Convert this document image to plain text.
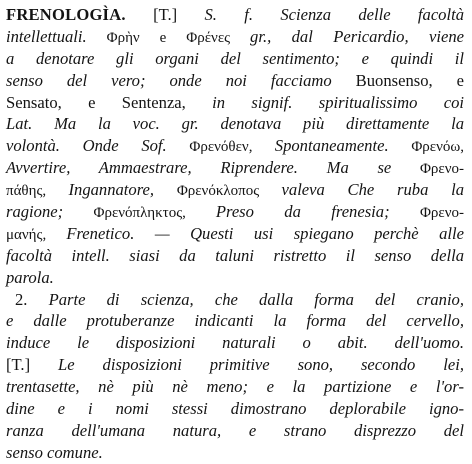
FRENOLOGÌA. [T.] S. f. Scienza delle facoltà
intellettuali. Φρὴν e Φρένες gr., dal Pericardio, viene
a denotare gli organi del sentimento; e quindi il
senso del vero; onde noi facciamo Buonsenso, e
Sensato, e Sentenza, in signif. spiritualissimo coi
Lat. Ma la voc. gr. denotava più direttamente la
volontà. Onde Sof. Φρενόθεν, Spontaneamente. Φρενόω,
Avvertire, Ammaestrare, Riprendere. Ma se Φρενο-
πάθης, Ingannatore, Φρενόκλοπος valeva Che ruba la
ragione; Φρενόπληκτος, Preso da frenesia; Φρενο-
μανής, Frenetico. — Questi usi spiegano perchè alle
facoltà intell. siasi da taluni ristretto il senso della
parola.
2. Parte di scienza, che dalla forma del cranio,
e dalle protuberanze indicanti la forma del cervello,
induce le disposizioni naturali o abit. dell'uomo.
[T.] Le disposizioni primitive sono, secondo lei,
trentasette, nè più nè meno; e la partizione e l'or-
dine e i nomi stessi dimostrano deplorabile igno-
ranza dell'umana natura, e strano disprezzo del
senso comune.
